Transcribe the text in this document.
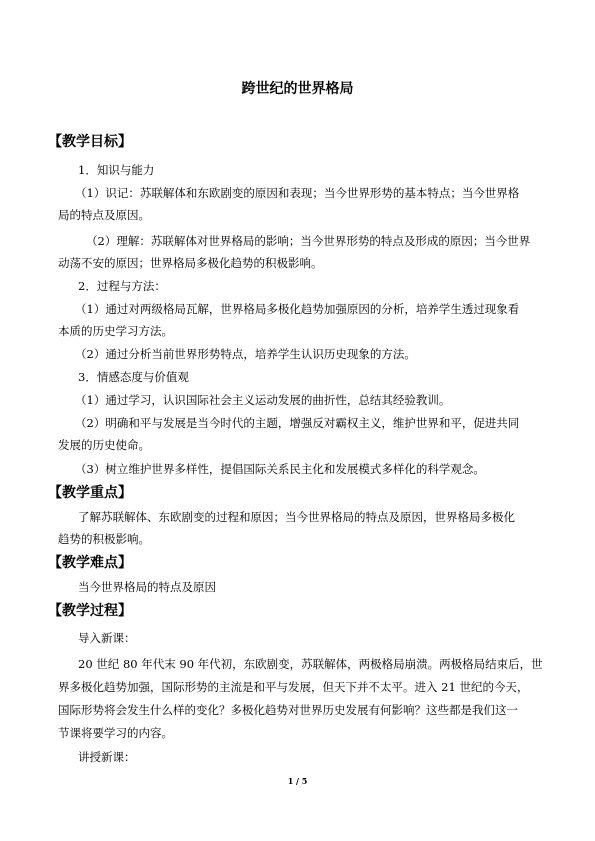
跨世纪的世界格局
【教学目标】
1．知识与能力
（1）识记：苏联解体和东欧剧变的原因和表现；当今世界形势的基本特点；当今世界格
局的特点及原因。
（2）理解：苏联解体对世界格局的影响；当今世界形势的特点及形成的原因；当今世界
动荡不安的原因；世界格局多极化趋势的积极影响。
2．过程与方法：
（1）通过对两级格局瓦解，世界格局多极化趋势加强原因的分析，培养学生透过现象看
本质的历史学习方法。
（2）通过分析当前世界形势特点，培养学生认识历史现象的方法。
3．情感态度与价值观
（1）通过学习，认识国际社会主义运动发展的曲折性，总结其经验教训。
（2）明确和平与发展是当今时代的主题，增强反对霸权主义，维护世界和平，促进共同
发展的历史使命。
（3）树立维护世界多样性，提倡国际关系民主化和发展模式多样化的科学观念。
【教学重点】
了解苏联解体、东欧剧变的过程和原因；当今世界格局的特点及原因，世界格局多极化
趋势的积极影响。
【教学难点】
当今世界格局的特点及原因
【教学过程】
导入新课：
20 世纪 80 年代末 90 年代初，东欧剧变，苏联解体，两极格局崩溃。两极格局结束后，世
界多极化趋势加强，国际形势的主流是和平与发展，但天下并不太平。进入 21 世纪的今天，
国际形势将会发生什么样的变化？多极化趋势对世界历史发展有何影响？这些都是我们这一
节课将要学习的内容。
讲授新课：
1 / 5
